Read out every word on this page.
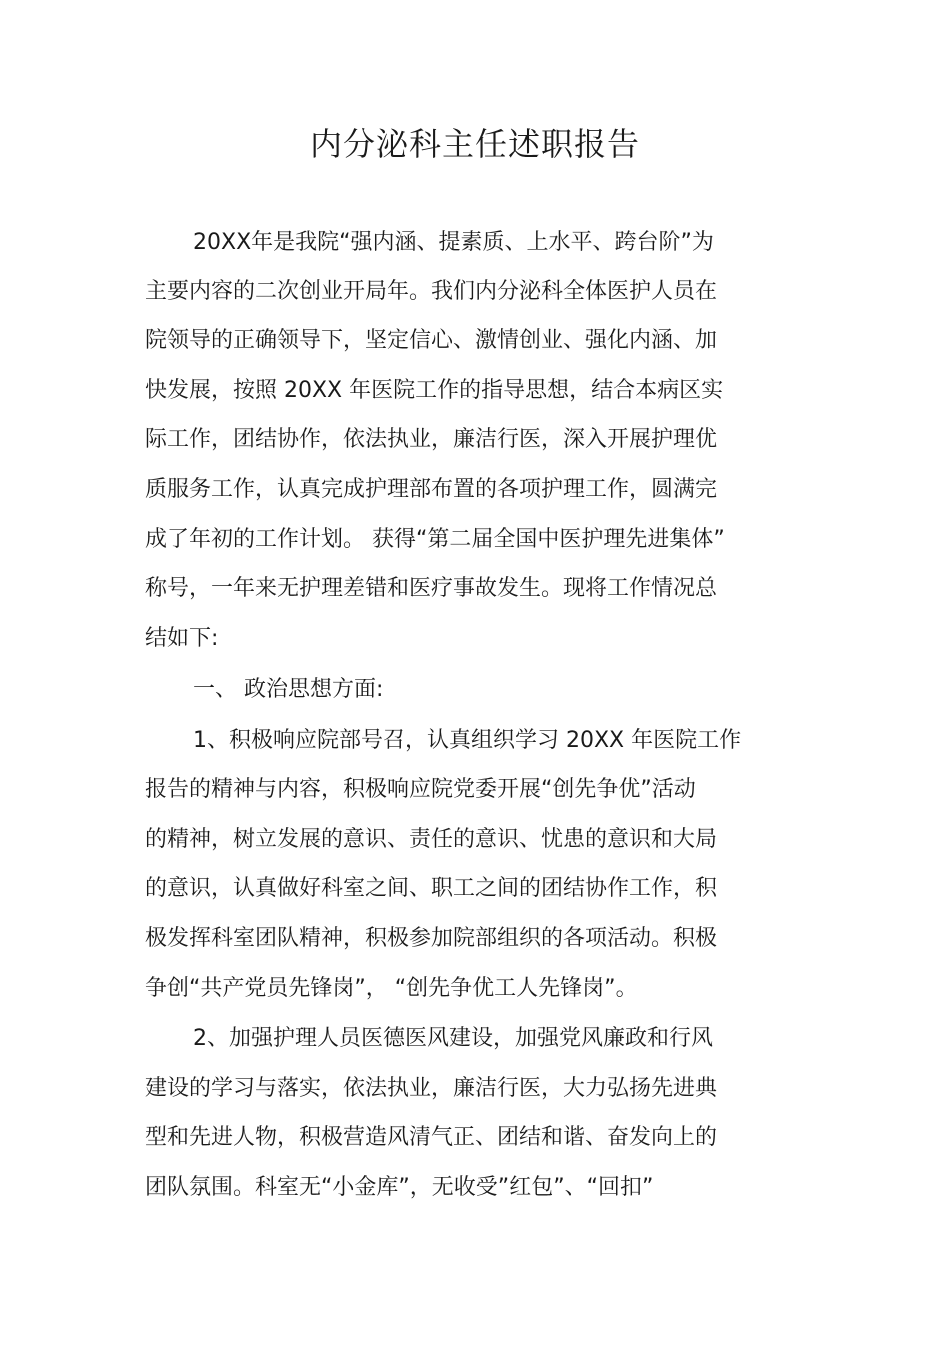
内分泌科主任述职报告
20XX年是我院“强内涵、提素质、上水平、跨台阶”为
主要内容的二次创业开局年。我们内分泌科全体医护人员在
院领导的正确领导下，坚定信心、激情创业、强化内涵、加
快发展，按照 20XX 年医院工作的指导思想，结合本病区实
际工作，团结协作，依法执业，廉洁行医，深入开展护理优
质服务工作，认真完成护理部布置的各项护理工作，圆满完
成了年初的工作计划。 获得“第二届全国中医护理先进集体”
称号，一年来无护理差错和医疗事故发生。现将工作情况总
结如下:
一、 政治思想方面:
1、积极响应院部号召，认真组织学习 20XX 年医院工作
报告的精神与内容，积极响应院党委开展“创先争优”活动
的精神，树立发展的意识、责任的意识、忧患的意识和大局
的意识，认真做好科室之间、职工之间的团结协作工作，积
极发挥科室团队精神，积极参加院部组织的各项活动。积极
争创“共产党员先锋岗”， “创先争优工人先锋岗”。
2、加强护理人员医德医风建设，加强党风廉政和行风
建设的学习与落实，依法执业，廉洁行医，大力弘扬先进典
型和先进人物，积极营造风清气正、团结和谐、奋发向上的
团队氛围。科室无“小金库”，无收受”红包”、“回扣”
